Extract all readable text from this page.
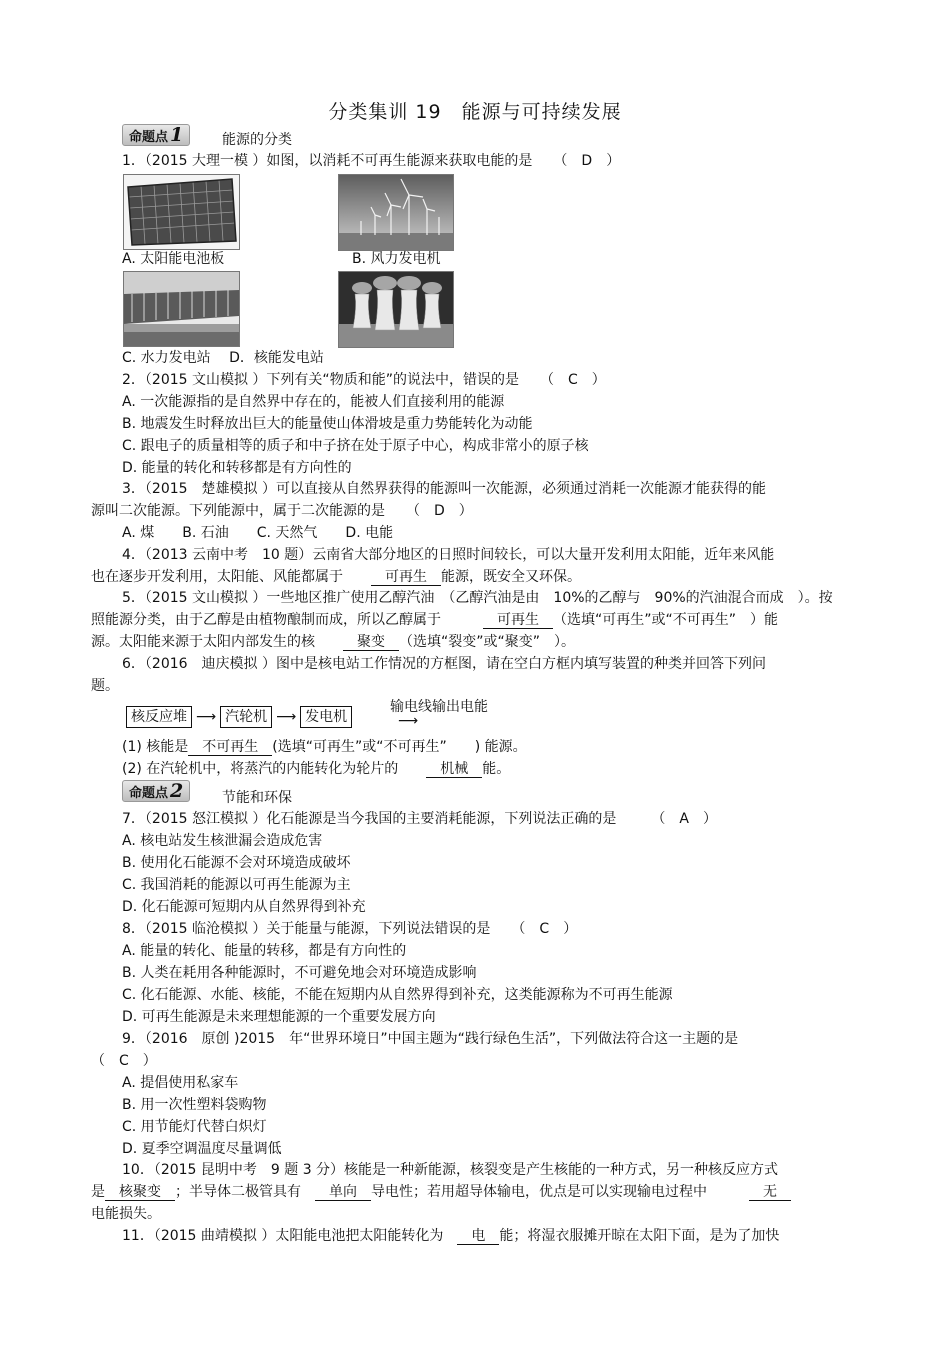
分类集训 19　能源与可持续发展
命题点 1	能源的分类
1．（2015 大理一模 ）如图，以消耗不可再生能源来获取电能的是　　（　D　）
A. 太阳能电池板	B. 风力发电机
C. 水力发电站　 D．核能发电站
2．（2015 文山模拟 ）下列有关“物质和能”的说法中，错误的是　　（　C　）
A. 一次能源指的是自然界中存在的，能被人们直接利用的能源
B. 地震发生时释放出巨大的能量使山体滑坡是重力势能转化为动能
C. 跟电子的质量相等的质子和中子挤在处于原子中心，构成非常小的原子核
D. 能量的转化和转移都是有方向性的
3．（2015　楚雄模拟 ）可以直接从自然界获得的能源叫一次能源，必须通过消耗一次能源才能获得的能
源叫二次能源。下列能源中，属于二次能源的是　　（　D　）
A. 煤　　B. 石油　　C. 天然气　　D. 电能
4．（2013 云南中考　10 题）云南省大部分地区的日照时间较长，可以大量开发利用太阳能，近年来风能
也在逐步开发利用，太阳能、风能都属于　　可再生 能源，既安全又环保。
5．（2015 文山模拟 ）一些地区推广使用乙醇汽油　（乙醇汽油是由　10%的乙醇与　90%的汽油混合而成　）。按
照能源分类，由于乙醇是由植物酿制而成，所以乙醇属于　　　可再生 （选填“可再生”或“不可再生”　）能
源。太阳能来源于太阳内部发生的核　　聚变 （选填“裂变”或“聚变”　）。
6．（2016　迪庆模拟 ）图中是核电站工作情况的方框图，请在空白方框内填写装置的种类并回答下列问
题。
核反应堆 ⟶ 汽轮机 ⟶ 发电机
输电线输出电能
⟶
(1) 核能是 不可再生 (选填“可再生”或“不可再生”　　) 能源。
(2) 在汽轮机中，将蒸汽的内能转化为轮片的　　机械 能。
命题点 2	节能和环保
7．（2015 怒江模拟 ）化石能源是当今我国的主要消耗能源，下列说法正确的是　　　（　A　）
A. 核电站发生核泄漏会造成危害
B. 使用化石能源不会对环境造成破坏
C. 我国消耗的能源以可再生能源为主
D. 化石能源可短期内从自然界得到补充
8．（2015 临沧模拟 ）关于能量与能源，下列说法错误的是　　（　C　）
A. 能量的转化、能量的转移，都是有方向性的
B. 人类在耗用各种能源时，不可避免地会对环境造成影响
C. 化石能源、水能、核能，不能在短期内从自然界得到补充，这类能源称为不可再生能源
D. 可再生能源是未来理想能源的一个重要发展方向
9．（2016　原创 )2015　年“世界环境日”中国主题为“践行绿色生活”，下列做法符合这一主题的是
（　C　）
A. 提倡使用私家车
B. 用一次性塑料袋购物
C. 用节能灯代替白炽灯
D. 夏季空调温度尽量调低
10．（2015 昆明中考　9 题 3 分）核能是一种新能源，核裂变是产生核能的一种方式，另一种核反应方式
是 核聚变 ；半导体二极管具有　单向 导电性；若用超导体输电，优点是可以实现输电过程中　　　无
电能损失。
11．（2015 曲靖模拟 ）太阳能电池把太阳能转化为　电 能；将湿衣服摊开晾在太阳下面，是为了加快
